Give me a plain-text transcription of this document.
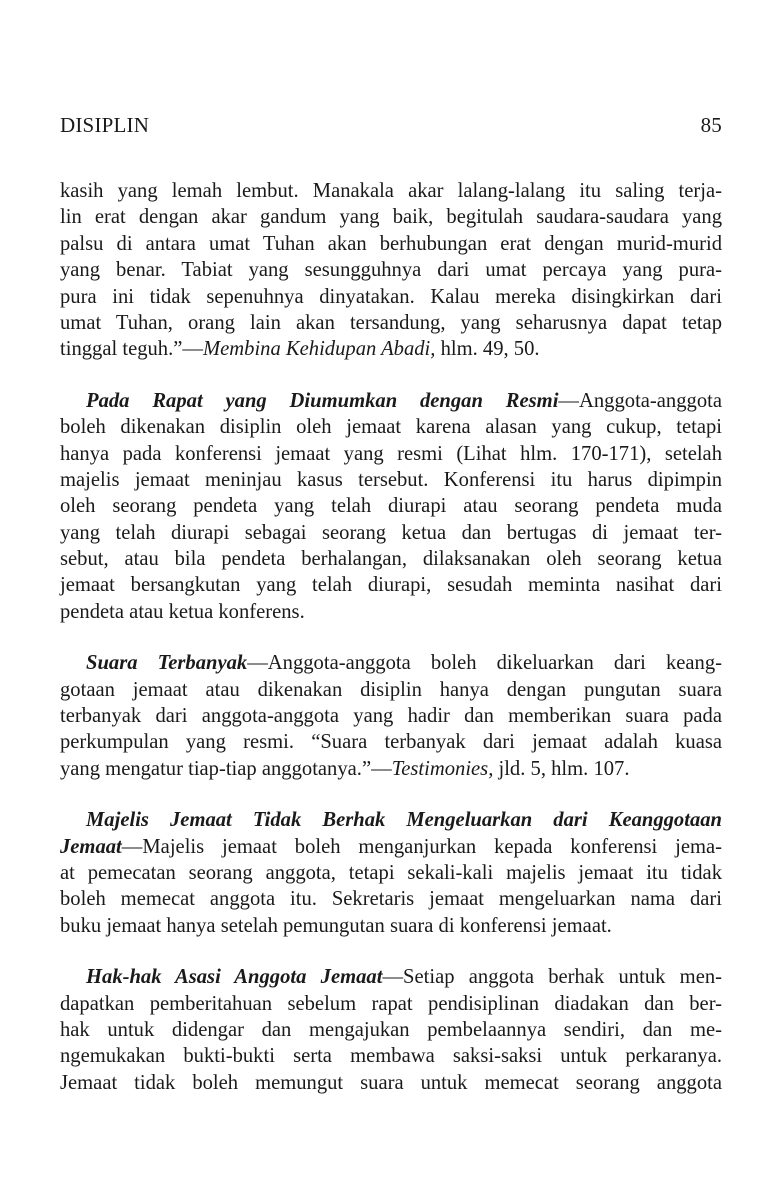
DISIPLIN	85
kasih yang lemah lembut. Manakala akar lalang-lalang itu saling terja-
lin erat dengan akar gandum yang baik, begitulah saudara-saudara yang
palsu di antara umat Tuhan akan berhubungan erat dengan murid-murid
yang benar. Tabiat yang sesungguhnya dari umat percaya yang pura-
pura ini tidak sepenuhnya dinyatakan. Kalau mereka disingkirkan dari
umat Tuhan, orang lain akan tersandung, yang seharusnya dapat tetap
tinggal teguh.”—Membina Kehidupan Abadi, hlm. 49, 50.
Pada Rapat yang Diumumkan dengan Resmi—Anggota-anggota
boleh dikenakan disiplin oleh jemaat karena alasan yang cukup, tetapi
hanya pada konferensi jemaat yang resmi (Lihat hlm. 170-171), setelah
majelis jemaat meninjau kasus tersebut. Konferensi itu harus dipimpin
oleh seorang pendeta yang telah diurapi atau seorang pendeta muda
yang telah diurapi sebagai seorang ketua dan bertugas di jemaat ter-
sebut, atau bila pendeta berhalangan, dilaksanakan oleh seorang ketua
jemaat bersangkutan yang telah diurapi, sesudah meminta nasihat dari
pendeta atau ketua konferens.
Suara Terbanyak—Anggota-anggota boleh dikeluarkan dari keang-
gotaan jemaat atau dikenakan disiplin hanya dengan pungutan suara
terbanyak dari anggota-anggota yang hadir dan memberikan suara pada
perkumpulan yang resmi. “Suara terbanyak dari jemaat adalah kuasa
yang mengatur tiap-tiap anggotanya.”—Testimonies, jld. 5, hlm. 107.
Majelis Jemaat Tidak Berhak Mengeluarkan dari Keanggotaan
Jemaat—Majelis jemaat boleh menganjurkan kepada konferensi jema-
at pemecatan seorang anggota, tetapi sekali-kali majelis jemaat itu tidak
boleh memecat anggota itu. Sekretaris jemaat mengeluarkan nama dari
buku jemaat hanya setelah pemungutan suara di konferensi jemaat.
Hak-hak Asasi Anggota Jemaat—Setiap anggota berhak untuk men-
dapatkan pemberitahuan sebelum rapat pendisiplinan diadakan dan ber-
hak untuk didengar dan mengajukan pembelaannya sendiri, dan me-
ngemukakan bukti-bukti serta membawa saksi-saksi untuk perkaranya.
Jemaat tidak boleh memungut suara untuk memecat seorang anggota
